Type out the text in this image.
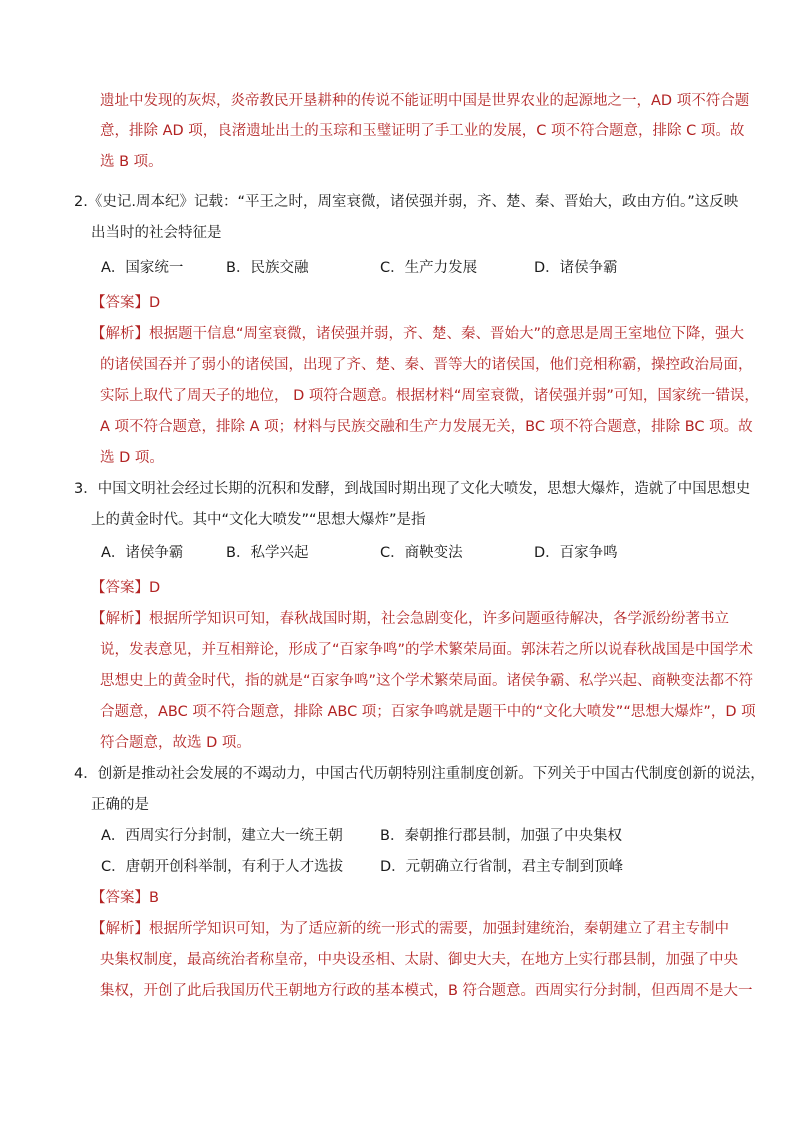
遗址中发现的灰烬，炎帝教民开垦耕种的传说不能证明中国是世界农业的起源地之一，AD 项不符合题
意，排除 AD 项，良渚遗址出土的玉琮和玉璧证明了手工业的发展，C 项不符合题意，排除 C 项。故
选 B 项。
2.《史记.周本纪》记载：“平王之时，周室衰微，诸侯强并弱，齐、楚、秦、晋始大，政由方伯。”这反映
出当时的社会特征是
【答案】D
【解析】根据题干信息“周室衰微，诸侯强并弱，齐、楚、秦、晋始大”的意思是周王室地位下降，强大
的诸侯国吞并了弱小的诸侯国，出现了齐、楚、秦、晋等大的诸侯国，他们竞相称霸，操控政治局面，
实际上取代了周天子的地位， D 项符合题意。根据材料“周室衰微，诸侯强并弱”可知，国家统一错误，
A 项不符合题意，排除 A 项；材料与民族交融和生产力发展无关，BC 项不符合题意，排除 BC 项。故
选 D 项。
3．中国文明社会经过长期的沉积和发酵，到战国时期出现了文化大喷发，思想大爆炸，造就了中国思想史
上的黄金时代。其中“文化大喷发”“思想大爆炸”是指
【答案】D
【解析】根据所学知识可知，春秋战国时期，社会急剧变化，许多问题亟待解决，各学派纷纷著书立
说，发表意见，并互相辩论，形成了“百家争鸣”的学术繁荣局面。郭沫若之所以说春秋战国是中国学术
思想史上的黄金时代，指的就是“百家争鸣”这个学术繁荣局面。诸侯争霸、私学兴起、商鞅变法都不符
合题意，ABC 项不符合题意，排除 ABC 项；百家争鸣就是题干中的“文化大喷发”“思想大爆炸”，D 项
符合题意，故选 D 项。
4．创新是推动社会发展的不竭动力，中国古代历朝特别注重制度创新。下列关于中国古代制度创新的说法，
正确的是
【答案】B
【解析】根据所学知识可知，为了适应新的统一形式的需要，加强封建统治，秦朝建立了君主专制中
央集权制度，最高统治者称皇帝，中央设丞相、太尉、御史大夫，在地方上实行郡县制，加强了中央
集权，开创了此后我国历代王朝地方行政的基本模式，B 符合题意。西周实行分封制，但西周不是大一
A．国家统一	B．民族交融	C．生产力发展	D．诸侯争霸
A．诸侯争霸	B．私学兴起	C．商鞅变法	D．百家争鸣
A．西周实行分封制，建立大一统王朝	B．秦朝推行郡县制，加强了中央集权
C．唐朝开创科举制，有利于人才选拔	D．元朝确立行省制，君主专制到顶峰
